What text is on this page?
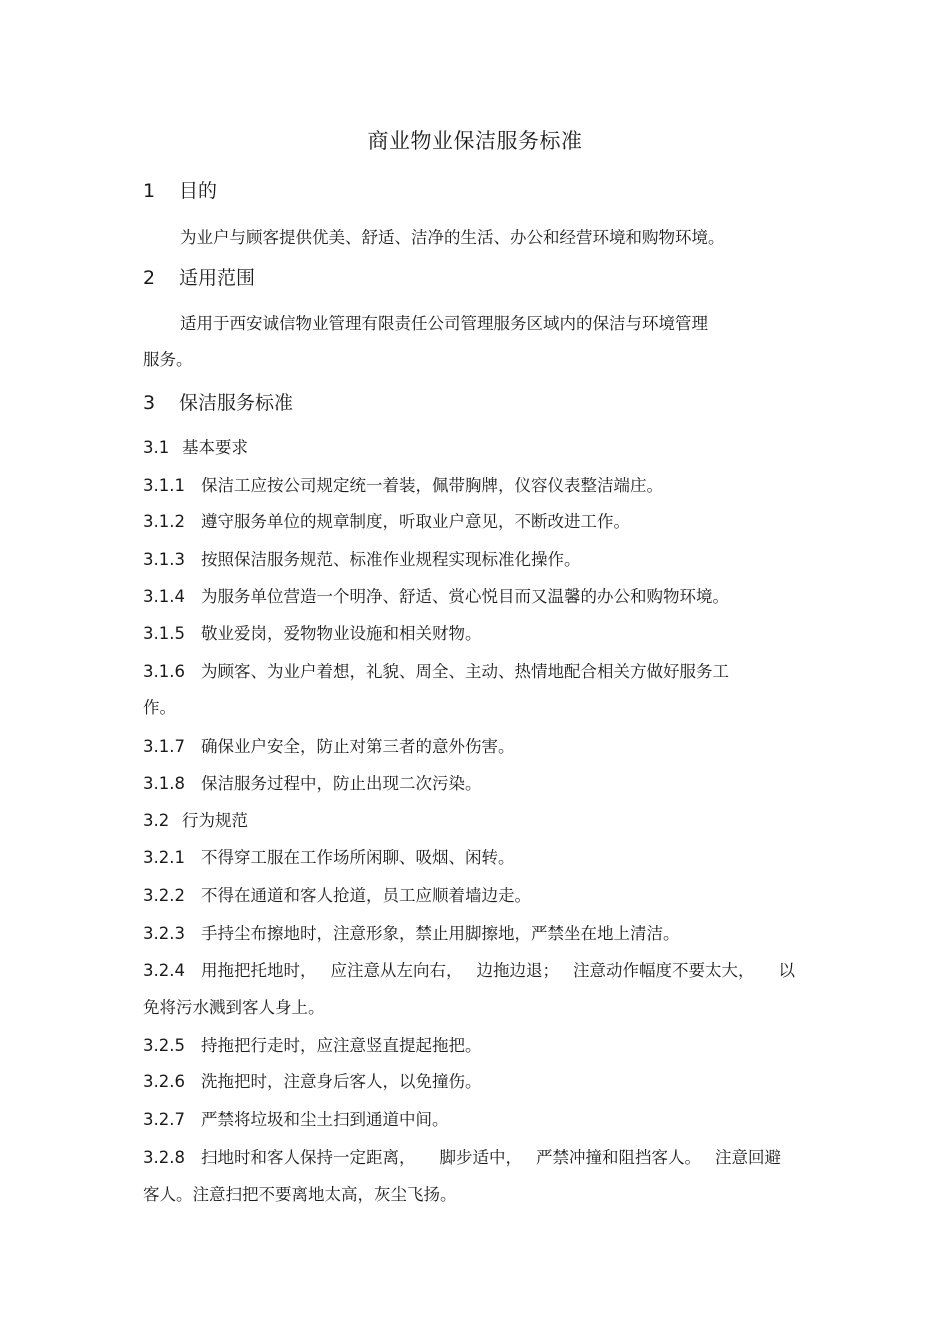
商业物业保洁服务标准
1 目的
为业户与顾客提供优美、舒适、洁净的生活、办公和经营环境和购物环境。
2 适用范围
适用于西安诚信物业管理有限责任公司管理服务区域内的保洁与环境管理
服务。
3 保洁服务标准
3.1 基本要求
3.1.1 保洁工应按公司规定统一着装，佩带胸牌，仪容仪表整洁端庄。
3.1.2 遵守服务单位的规章制度，听取业户意见，不断改进工作。
3.1.3 按照保洁服务规范、标准作业规程实现标准化操作。
3.1.4 为服务单位营造一个明净、舒适、赏心悦目而又温馨的办公和购物环境。
3.1.5 敬业爱岗，爱物物业设施和相关财物。
3.1.6 为顾客、为业户着想，礼貌、周全、主动、热情地配合相关方做好服务工
作。
3.1.7 确保业户安全，防止对第三者的意外伤害。
3.1.8 保洁服务过程中，防止出现二次污染。
3.2 行为规范
3.2.1 不得穿工服在工作场所闲聊、吸烟、闲转。
3.2.2 不得在通道和客人抢道，员工应顺着墙边走。
3.2.3 手持尘布擦地时，注意形象，禁止用脚擦地，严禁坐在地上清洁。
3.2.4 用拖把托地时， 应注意从左向右， 边拖边退； 注意动作幅度不要太大， 以
免将污水溅到客人身上。
3.2.5 持拖把行走时，应注意竖直提起拖把。
3.2.6 洗拖把时，注意身后客人，以免撞伤。
3.2.7 严禁将垃圾和尘土扫到通道中间。
3.2.8 扫地时和客人保持一定距离， 脚步适中， 严禁冲撞和阻挡客人。 注意回避
客人。注意扫把不要离地太高，灰尘飞扬。
